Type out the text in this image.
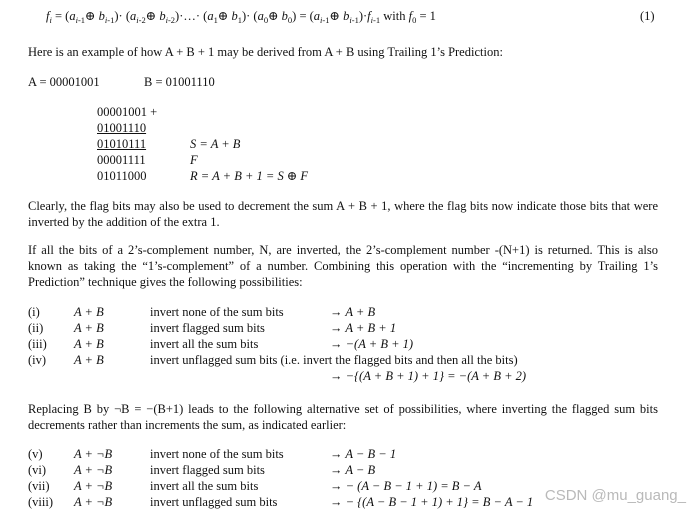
$f_i$ = ($a_{i-1}\oplus$ $b_{i-1})\cdot$ ($a_{i-2}\oplus$ $b_{i-2})\cdot\dots\cdot$ ($a_1\oplus$ $b_1)\cdot$ ($a_0\oplus$ $b_0$) = ($a_{i-1}\oplus$ $b_{i-1})\cdot f_{i-1}$ with $f_0 = 1$	(1)
Here is an example of how A + B + 1 may be derived from A + B using Trailing 1’s Prediction:
A = 00001001	B = 01001110
00001001 +
01001110
01010111	S = A + B
00001111	F
01011000	R = A + B + 1 = S ⊕ F
Clearly, the flag bits may also be used to decrement the sum A + B + 1, where the flag bits now indicate those bits that were inverted by the addition of the extra 1.
If all the bits of a 2’s-complement number, N, are inverted, the 2’s-complement number -(N+1) is returned. This is also known as taking the “1’s-complement” of a number. Combining this operation with the “incrementing by Trailing 1’s Prediction” technique gives the following possibilities:
(i)	A + B	invert none of the sum bits	→ A + B
(ii) A + B	invert flagged sum bits	→ A + B + 1
(iii) A + B	invert all the sum bits	→ −(A + B + 1)
(iv) A + B	invert unflagged sum bits (i.e. invert the flagged bits and then all the bits)
→ −{(A + B + 1) + 1} = −(A + B + 2)
Replacing B by ¬B = −(B+1) leads to the following alternative set of possibilities, where inverting the flagged sum bits decrements rather than increments the sum, as indicated earlier:
(v)	A + ¬B	invert none of the sum bits	→ A − B − 1
(vi) A + ¬B	invert flagged sum bits	→ A − B
(vii) A + ¬B	invert all the sum bits	→ − (A − B − 1 + 1) = B − A
(viii) A + ¬B	invert unflagged sum bits	→ − {(A − B − 1 + 1) + 1} = B − A − 1 CSDN @mu_guang_
